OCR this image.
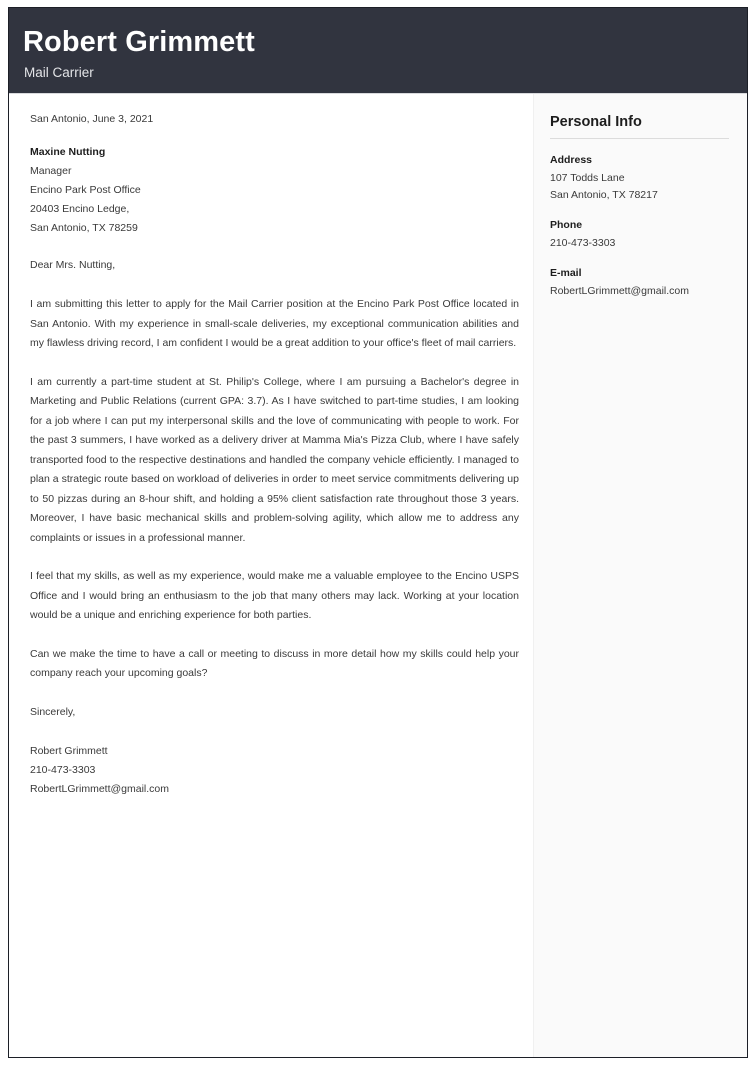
Robert Grimmett
Mail Carrier

San Antonio, June 3, 2021

Maxine Nutting

Manager

Encino Park Post Office

20403 Encino Ledge,

San Antonio, TX 78259

Dear Mrs. Nutting,

I am submitting this letter to apply for the Mail Carrier position at the Encino Park Post Office located in San Antonio. With my experience in small-scale deliveries, my exceptional communication abilities and my flawless driving record, I am confident I would be a great addition to your office's fleet of mail carriers.

I am currently a part-time student at St. Philip's College, where I am pursuing a Bachelor's degree in Marketing and Public Relations (current GPA: 3.7). As I have switched to part-time studies, I am looking for a job where I can put my interpersonal skills and the love of communicating with people to work. For the past 3 summers, I have worked as a delivery driver at Mamma Mia's Pizza Club, where I have safely transported food to the respective destinations and handled the company vehicle efficiently. I managed to plan a strategic route based on workload of deliveries in order to meet service commitments delivering up to 50 pizzas during an 8-hour shift, and holding a 95% client satisfaction rate throughout those 3 years. Moreover, I have basic mechanical skills and problem-solving agility, which allow me to address any complaints or issues in a professional manner.

I feel that my skills, as well as my experience, would make me a valuable employee to the Encino USPS Office and I would bring an enthusiasm to the job that many others may lack. Working at your location would be a unique and enriching experience for both parties.

Can we make the time to have a call or meeting to discuss in more detail how my skills could help your company reach your upcoming goals?

Sincerely,

Robert Grimmett

210-473-3303

RobertLGrimmett@gmail.com

Personal Info

Address

107 Todds Lane

San Antonio, TX 78217

Phone

210-473-3303

E-mail

RobertLGrimmett@gmail.com
